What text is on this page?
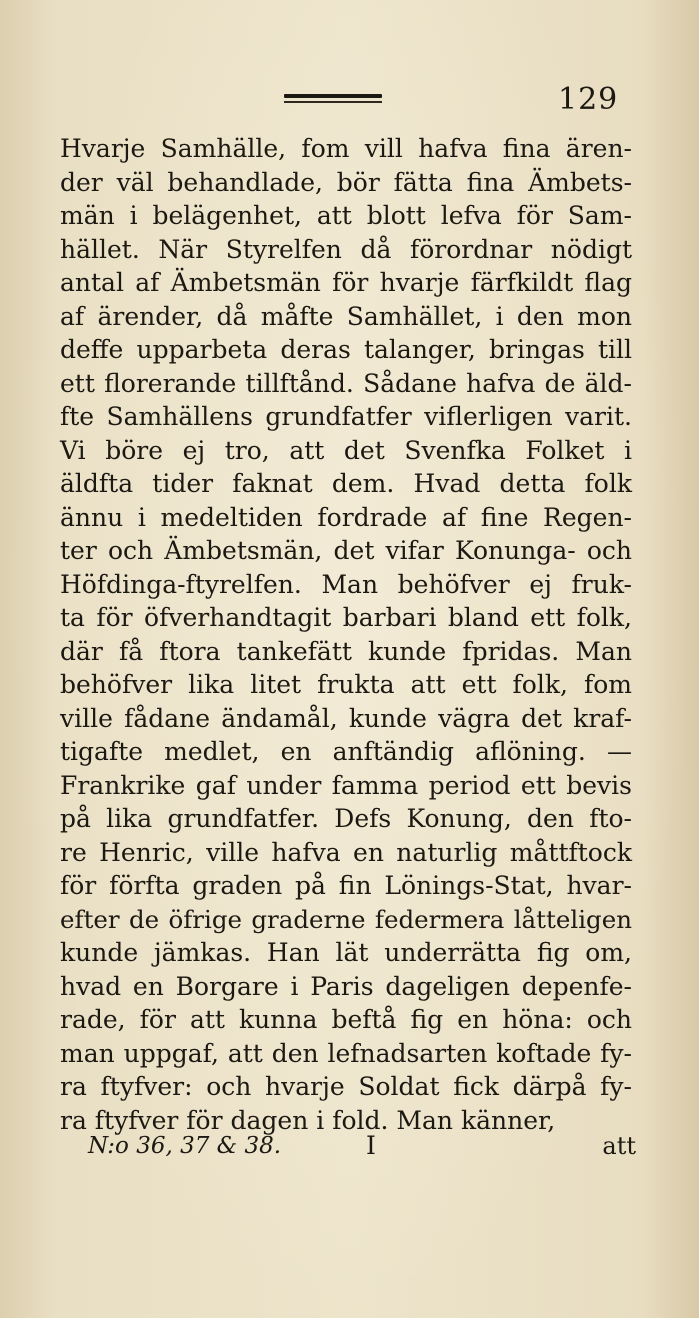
129
Hvarje Samhälle, fom vill hafva fina ären-
der väl behandlade, bör fätta fina Ämbets-
män i belägenhet, att blott lefva för Sam-
hället. När Styrelfen då förordnar nödigt
antal af Ämbetsmän för hvarje färfkildt flag
af ärender, då måfte Samhället, i den mon
deffe upparbeta deras talanger, bringas till
ett florerande tillftånd. Sådane hafva de äld-
fte Samhällens grundfatfer viflerligen varit.
Vi böre ej tro, att det Svenfka Folket i
äldfta tider faknat dem. Hvad detta folk
ännu i medeltiden fordrade af fine Regen-
ter och Ämbetsmän, det vifar Konunga- och
Höfdinga-ftyrelfen. Man behöfver ej fruk-
ta för öfverhandtagit barbari bland ett folk,
där få ftora tankefätt kunde fpridas. Man
behöfver lika litet frukta att ett folk, fom
ville fådane ändamål, kunde vägra det kraf-
tigafte medlet, en anftändig aflöning. —
Frankrike gaf under famma period ett bevis
på lika grundfatfer. Defs Konung, den fto-
re Henric, ville hafva en naturlig måttftock
för förfta graden på fin Lönings-Stat, hvar-
efter de öfrige graderne federmera låtteligen
kunde jämkas. Han lät underrätta fig om,
hvad en Borgare i Paris dageligen depenfe-
rade, för att kunna beftå fig en höna: och
man uppgaf, att den lefnadsarten koftade fy-
ra ftyfver: och hvarje Soldat fick därpå fy-
ra ftyfver för dagen i fold. Man känner,
N:o 36, 37 & 38.	I	att
